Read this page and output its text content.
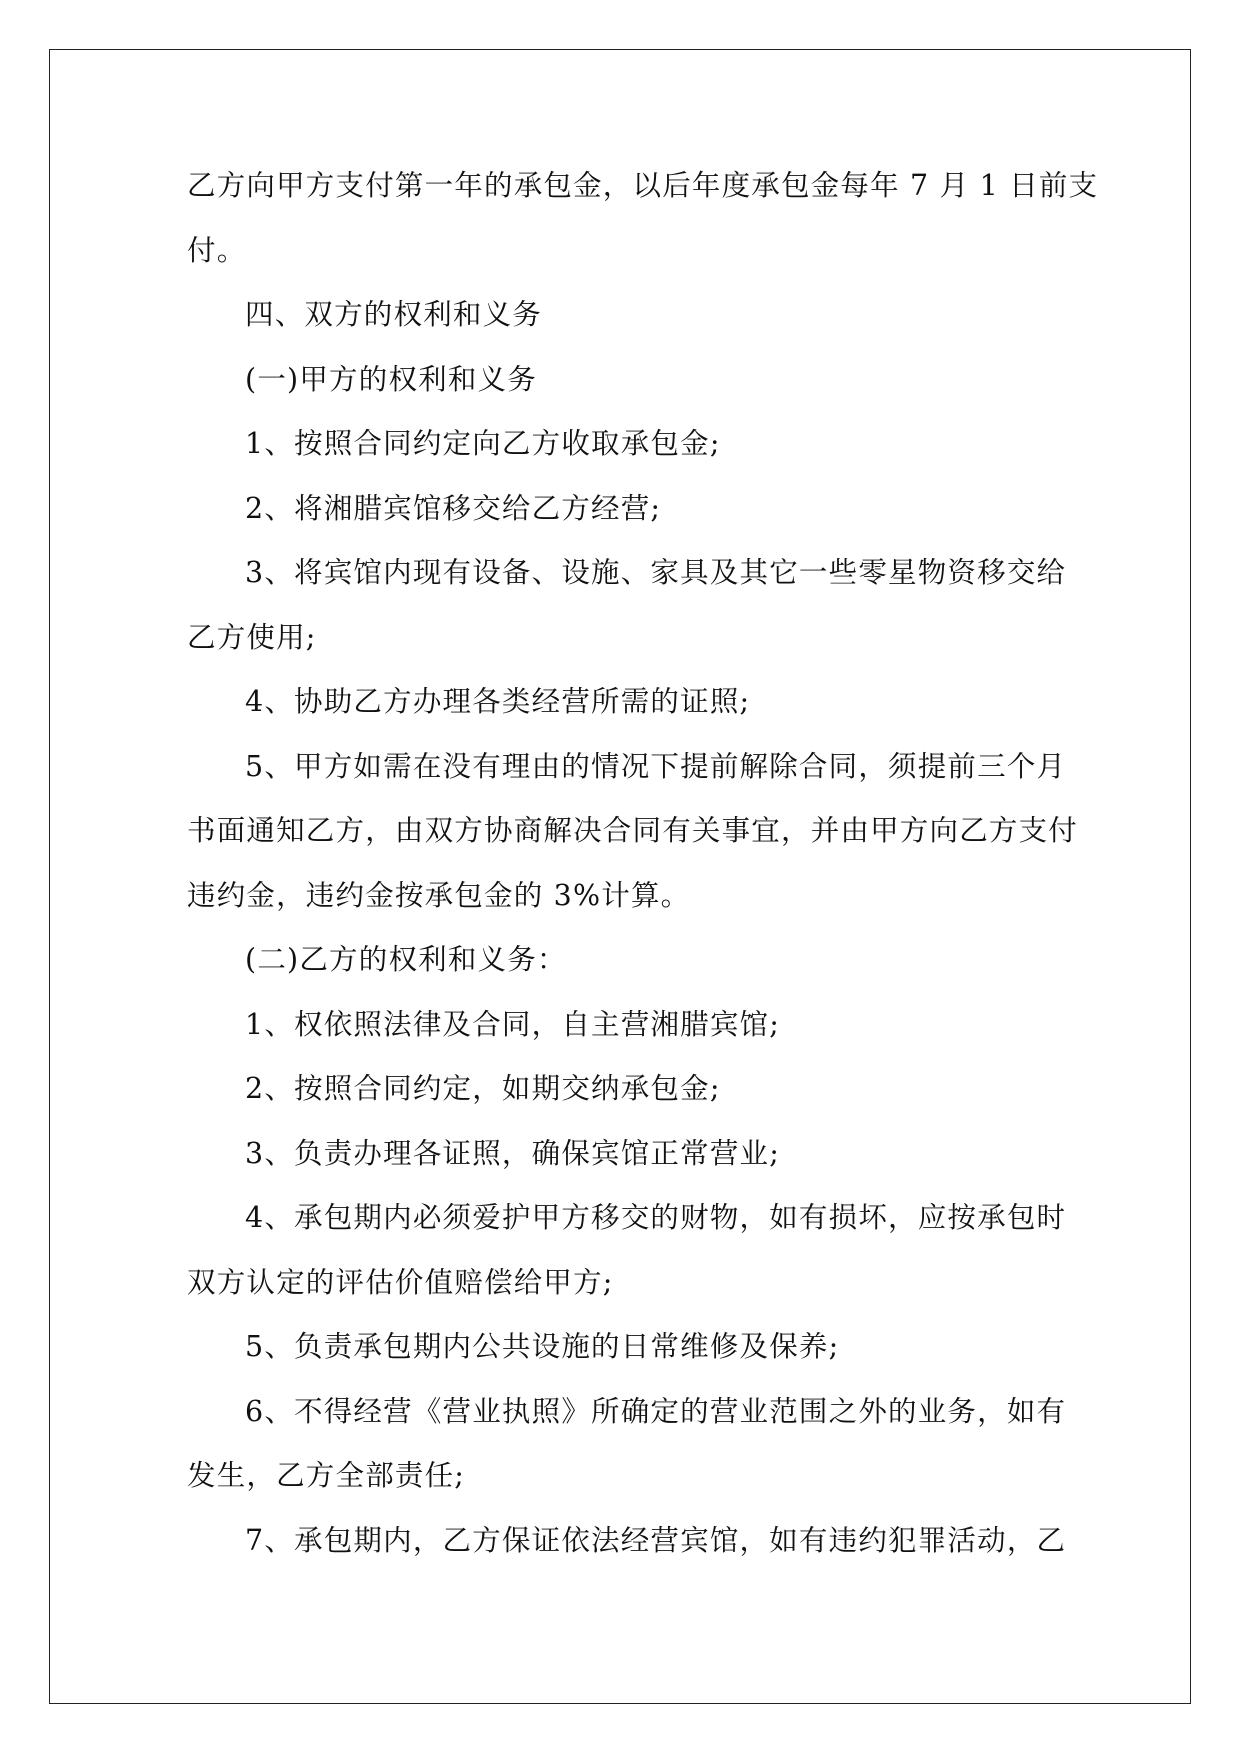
乙方向甲方支付第一年的承包金，以后年度承包金每年 7 月 1 日前支

付。

四、双方的权利和义务

(一)甲方的权利和义务

1、按照合同约定向乙方收取承包金;

2、将湘腊宾馆移交给乙方经营;

3、将宾馆内现有设备、设施、家具及其它一些零星物资移交给

乙方使用;

4、协助乙方办理各类经营所需的证照;

5、甲方如需在没有理由的情况下提前解除合同，须提前三个月

书面通知乙方，由双方协商解决合同有关事宜，并由甲方向乙方支付

违约金，违约金按承包金的 3%计算。

(二)乙方的权利和义务：

1、权依照法律及合同，自主营湘腊宾馆;

2、按照合同约定，如期交纳承包金;

3、负责办理各证照，确保宾馆正常营业;

4、承包期内必须爱护甲方移交的财物，如有损坏，应按承包时

双方认定的评估价值赔偿给甲方;

5、负责承包期内公共设施的日常维修及保养;

6、不得经营《营业执照》所确定的营业范围之外的业务，如有

发生，乙方全部责任;

7、承包期内，乙方保证依法经营宾馆，如有违约犯罪活动，乙
